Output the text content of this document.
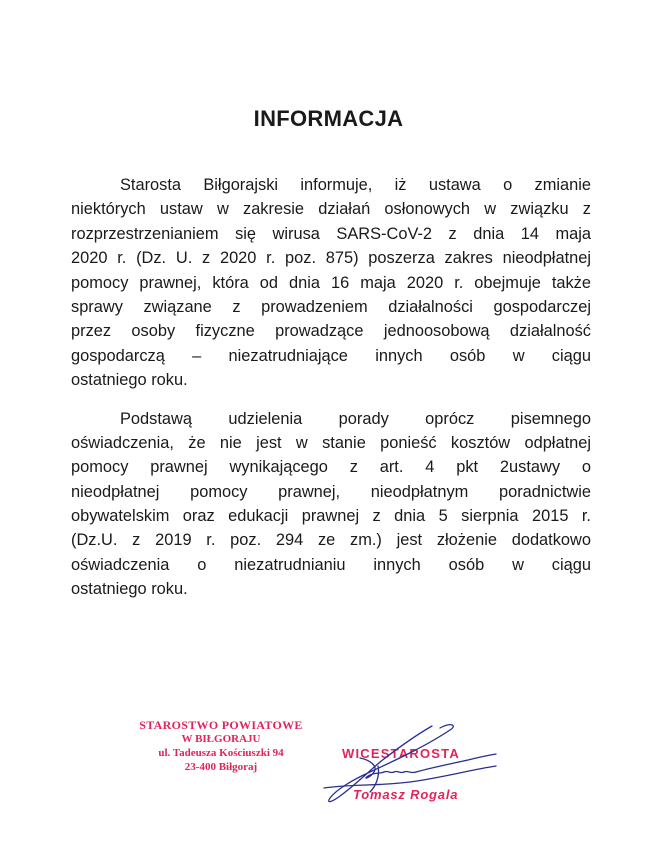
INFORMACJA

Starosta Biłgorajski informuje, iż ustawa o zmianie
niektórych ustaw w zakresie działań osłonowych w związku z
rozprzestrzenianiem się wirusa SARS-CoV-2 z dnia 14 maja
2020 r. (Dz. U. z 2020 r. poz. 875) poszerza zakres nieodpłatnej
pomocy prawnej, która od dnia 16 maja 2020 r. obejmuje także
sprawy związane z prowadzeniem działalności gospodarczej
przez osoby fizyczne prowadzące jednoosobową działalność
gospodarczą – niezatrudniające innych osób w ciągu
ostatniego roku.

Podstawą udzielenia porady oprócz pisemnego
oświadczenia, że nie jest w stanie ponieść kosztów odpłatnej
pomocy prawnej wynikającego z art. 4 pkt 2ustawy o
nieodpłatnej pomocy prawnej, nieodpłatnym poradnictwie
obywatelskim oraz edukacji prawnej z dnia 5 sierpnia 2015 r.
(Dz.U. z 2019 r. poz. 294 ze zm.) jest złożenie dodatkowo
oświadczenia o niezatrudnianiu innych osób w ciągu
ostatniego roku.

STAROSTWO POWIATOWE
W BIŁGORAJU
ul. Tadeusza Kościuszki 94
23-400 Biłgoraj
WICESTAROSTA
Tomasz Rogala
